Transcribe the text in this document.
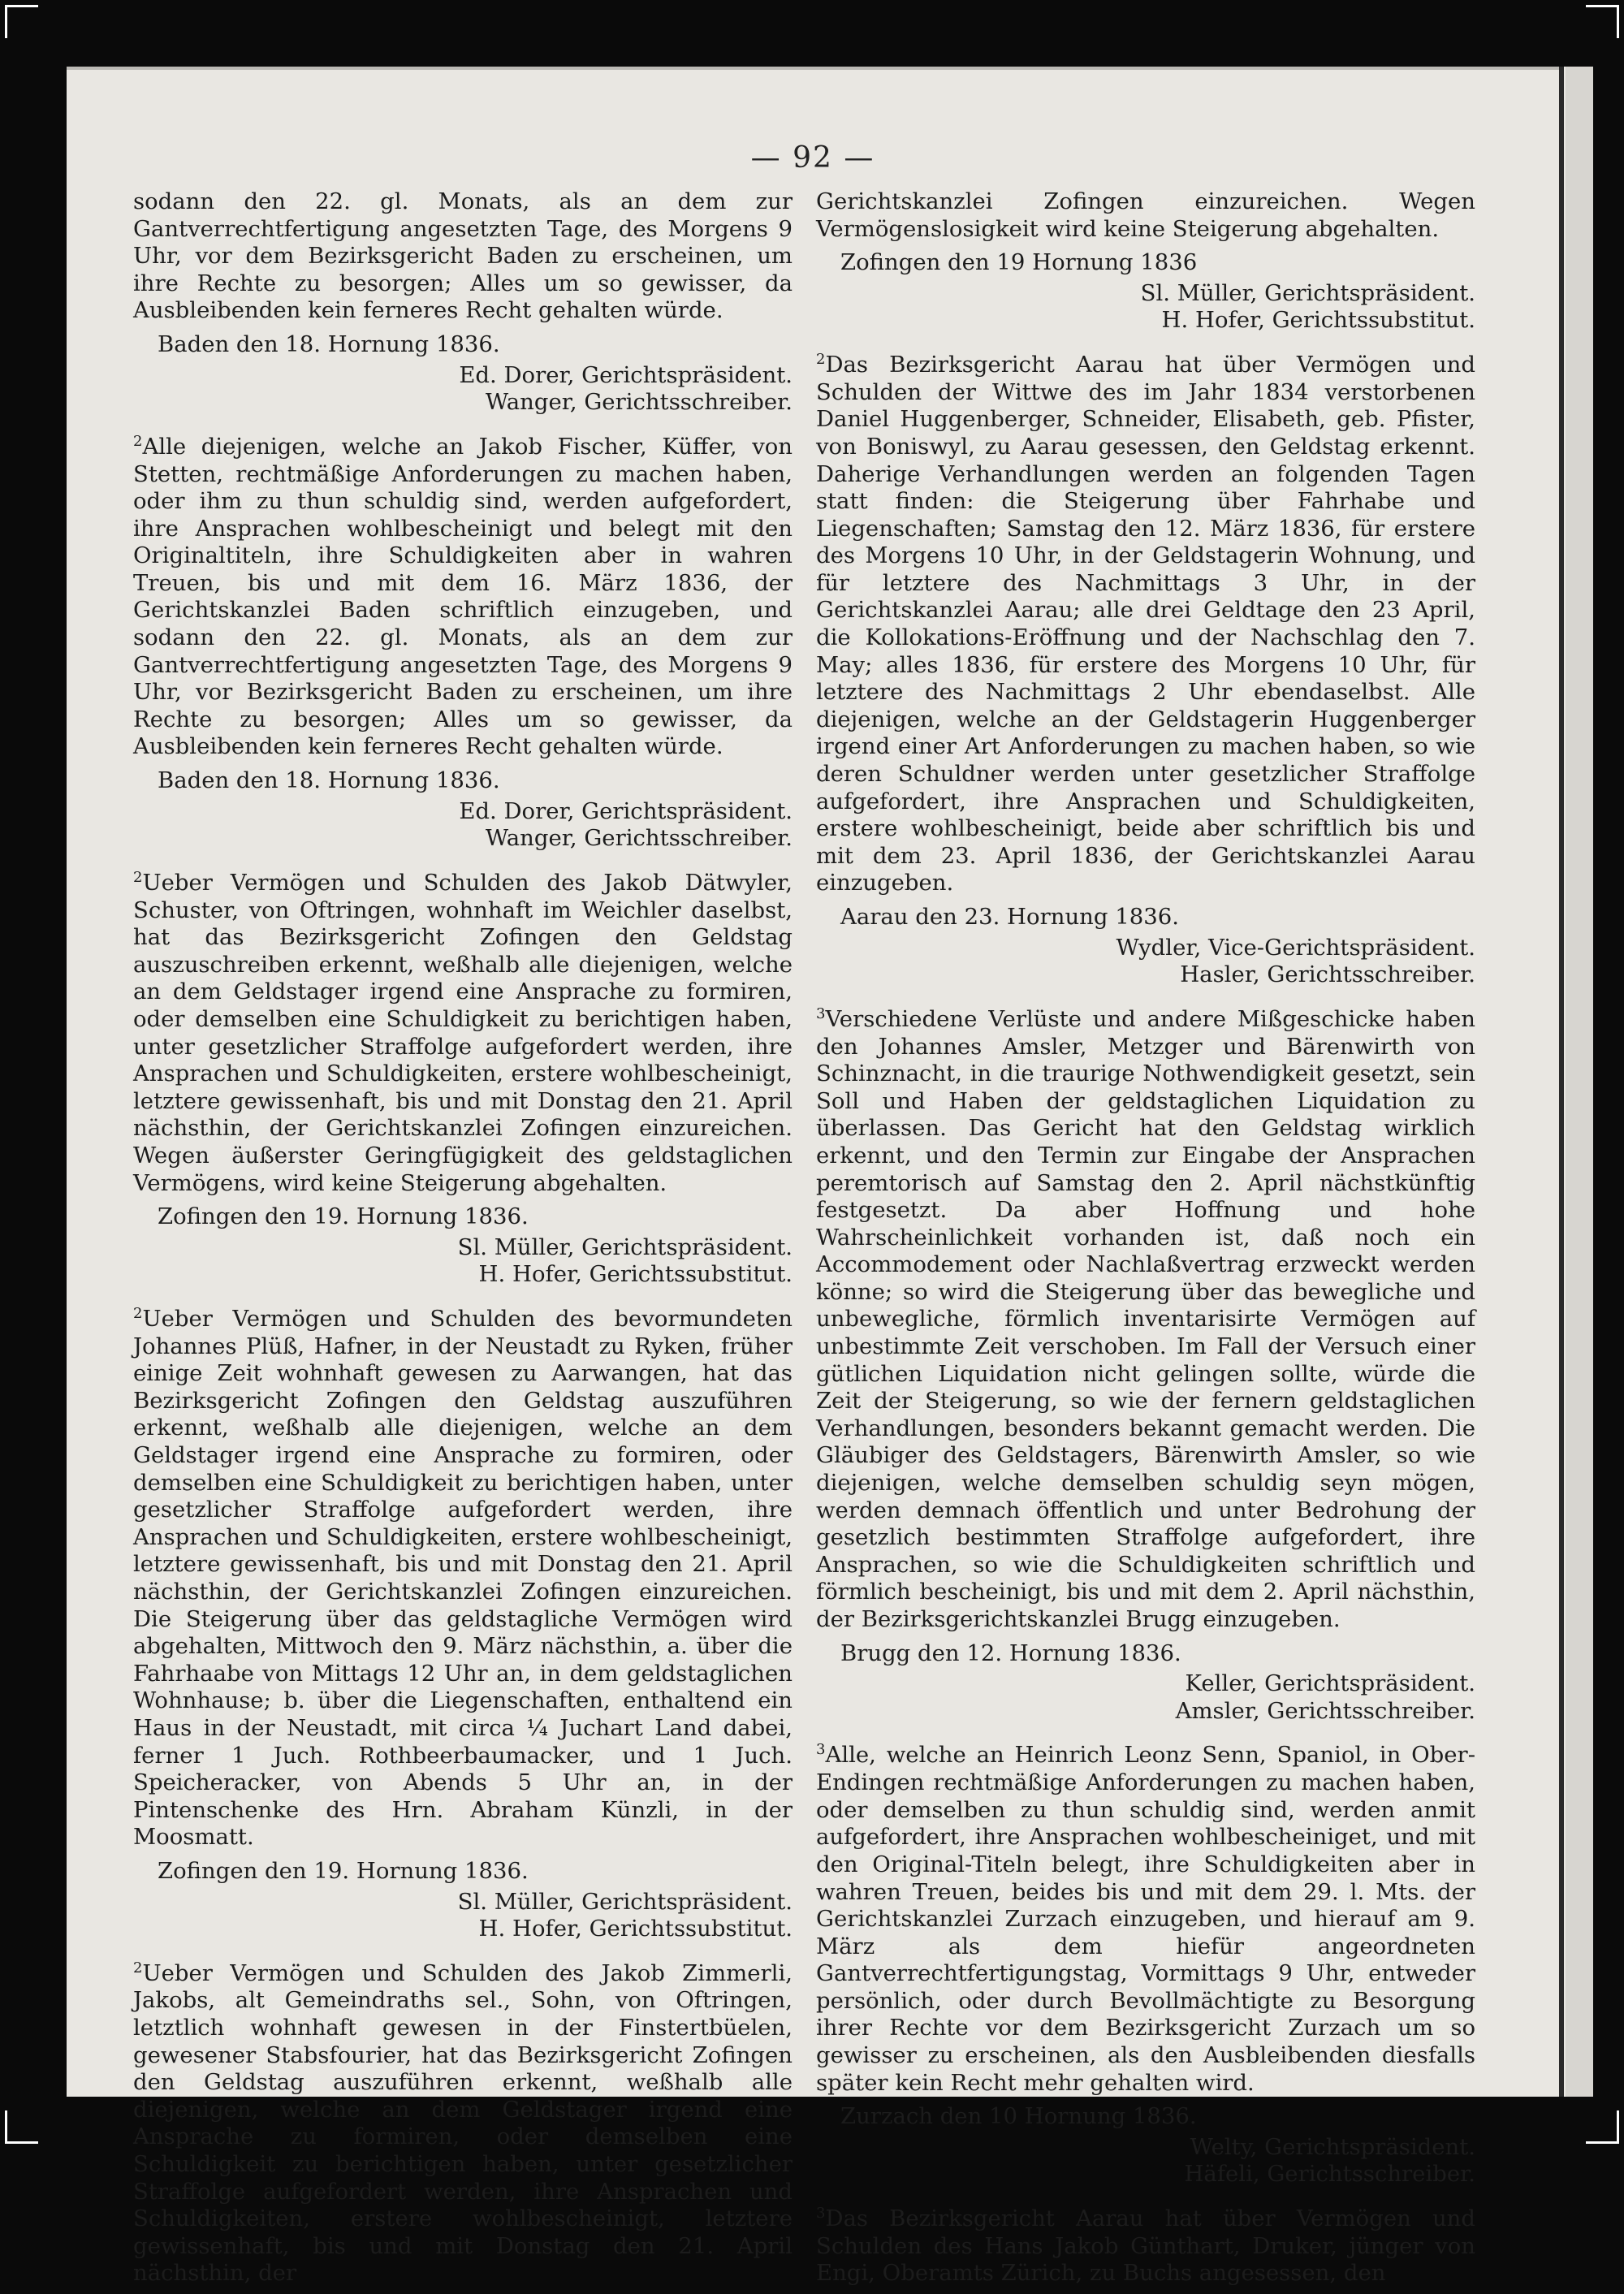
— 92 —
sodann den 22. gl. Monats, als an dem zur Gantverrechtfertigung angesetzten Tage, des Morgens 9 Uhr, vor dem Bezirksgericht Baden zu erscheinen, um ihre Rechte zu besorgen; Alles um so gewisser, da Ausbleibenden kein ferneres Recht gehalten würde.
Baden den 18. Hornung 1836.
Ed. Dorer, Gerichtspräsident.
Wanger, Gerichtsschreiber.
$^2$Alle diejenigen, welche an Jakob Fischer, Küffer, von Stetten, rechtmäßige Anforderungen zu machen haben, oder ihm zu thun schuldig sind, werden aufgefordert, ihre Ansprachen wohlbescheinigt und belegt mit den Originaltiteln, ihre Schuldigkeiten aber in wahren Treuen, bis und mit dem 16. März 1836, der Gerichtskanzlei Baden schriftlich einzugeben, und sodann den 22. gl. Monats, als an dem zur Gantverrechtfertigung angesetzten Tage, des Morgens 9 Uhr, vor Bezirksgericht Baden zu erscheinen, um ihre Rechte zu besorgen; Alles um so gewisser, da Ausbleibenden kein ferneres Recht gehalten würde.
Baden den 18. Hornung 1836.
Ed. Dorer, Gerichtspräsident.
Wanger, Gerichtsschreiber.
$^2$Ueber Vermögen und Schulden des Jakob Dätwyler, Schuster, von Oftringen, wohnhaft im Weichler daselbst, hat das Bezirksgericht Zofingen den Geldstag auszuschreiben erkennt, weßhalb alle diejenigen, welche an dem Geldstager irgend eine Ansprache zu formiren, oder demselben eine Schuldigkeit zu berichtigen haben, unter gesetzlicher Straffolge aufgefordert werden, ihre Ansprachen und Schuldigkeiten, erstere wohlbescheinigt, letztere gewissenhaft, bis und mit Donstag den 21. April nächsthin, der Gerichtskanzlei Zofingen einzureichen. Wegen äußerster Geringfügigkeit des geldstaglichen Vermögens, wird keine Steigerung abgehalten.
Zofingen den 19. Hornung 1836.
Sl. Müller, Gerichtspräsident.
H. Hofer, Gerichtssubstitut.
$^2$Ueber Vermögen und Schulden des bevormundeten Johannes Plüß, Hafner, in der Neustadt zu Ryken, früher einige Zeit wohnhaft gewesen zu Aarwangen, hat das Bezirksgericht Zofingen den Geldstag auszuführen erkennt, weßhalb alle diejenigen, welche an dem Geldstager irgend eine Ansprache zu formiren, oder demselben eine Schuldigkeit zu berichtigen haben, unter gesetzlicher Straffolge aufgefordert werden, ihre Ansprachen und Schuldigkeiten, erstere wohlbescheinigt, letztere gewissenhaft, bis und mit Donstag den 21. April nächsthin, der Gerichtskanzlei Zofingen einzureichen. Die Steigerung über das geldstagliche Vermögen wird abgehalten, Mittwoch den 9. März nächsthin, a. über die Fahrhaabe von Mittags 12 Uhr an, in dem geldstaglichen Wohnhause; b. über die Liegenschaften, enthaltend ein Haus in der Neustadt, mit circa ¼ Juchart Land dabei, ferner 1 Juch. Rothbeerbaumacker, und 1 Juch. Speicheracker, von Abends 5 Uhr an, in der Pintenschenke des Hrn. Abraham Künzli, in der Moosmatt.
Zofingen den 19. Hornung 1836.
Sl. Müller, Gerichtspräsident.
H. Hofer, Gerichtssubstitut.
$^2$Ueber Vermögen und Schulden des Jakob Zimmerli, Jakobs, alt Gemeindraths sel., Sohn, von Oftringen, letztlich wohnhaft gewesen in der Finstertbüelen, gewesener Stabsfourier, hat das Bezirksgericht Zofingen den Geldstag auszuführen erkennt, weßhalb alle diejenigen, welche an dem Geldstager irgend eine Ansprache zu formiren, oder demselben eine Schuldigkeit zu berichtigen haben, unter gesetzlicher Straffolge aufgefordert werden, ihre Ansprachen und Schuldigkeiten, erstere wohlbescheinigt, letztere gewissenhaft, bis und mit Donstag den 21. April nächsthin, der
Gerichtskanzlei Zofingen einzureichen. Wegen Vermögenslosigkeit wird keine Steigerung abgehalten.
Zofingen den 19 Hornung 1836
Sl. Müller, Gerichtspräsident.
H. Hofer, Gerichtssubstitut.
$^2$Das Bezirksgericht Aarau hat über Vermögen und Schulden der Wittwe des im Jahr 1834 verstorbenen Daniel Huggenberger, Schneider, Elisabeth, geb. Pfister, von Boniswyl, zu Aarau gesessen, den Geldstag erkennt. Daherige Verhandlungen werden an folgenden Tagen statt finden: die Steigerung über Fahrhabe und Liegenschaften; Samstag den 12. März 1836, für erstere des Morgens 10 Uhr, in der Geldstagerin Wohnung, und für letztere des Nachmittags 3 Uhr, in der Gerichtskanzlei Aarau; alle drei Geldtage den 23 April, die Kollokations-Eröffnung und der Nachschlag den 7. May; alles 1836, für erstere des Morgens 10 Uhr, für letztere des Nachmittags 2 Uhr ebendaselbst. Alle diejenigen, welche an der Geldstagerin Huggenberger irgend einer Art Anforderungen zu machen haben, so wie deren Schuldner werden unter gesetzlicher Straffolge aufgefordert, ihre Ansprachen und Schuldigkeiten, erstere wohlbescheinigt, beide aber schriftlich bis und mit dem 23. April 1836, der Gerichtskanzlei Aarau einzugeben.
Aarau den 23. Hornung 1836.
Wydler, Vice-Gerichtspräsident.
Hasler, Gerichtsschreiber.
$^3$Verschiedene Verlüste und andere Mißgeschicke haben den Johannes Amsler, Metzger und Bärenwirth von Schinznacht, in die traurige Nothwendigkeit gesetzt, sein Soll und Haben der geldstaglichen Liquidation zu überlassen. Das Gericht hat den Geldstag wirklich erkennt, und den Termin zur Eingabe der Ansprachen peremtorisch auf Samstag den 2. April nächstkünftig festgesetzt. Da aber Hoffnung und hohe Wahrscheinlichkeit vorhanden ist, daß noch ein Accommodement oder Nachlaßvertrag erzweckt werden könne; so wird die Steigerung über das bewegliche und unbewegliche, förmlich inventarisirte Vermögen auf unbestimmte Zeit verschoben. Im Fall der Versuch einer gütlichen Liquidation nicht gelingen sollte, würde die Zeit der Steigerung, so wie der fernern geldstaglichen Verhandlungen, besonders bekannt gemacht werden. Die Gläubiger des Geldstagers, Bärenwirth Amsler, so wie diejenigen, welche demselben schuldig seyn mögen, werden demnach öffentlich und unter Bedrohung der gesetzlich bestimmten Straffolge aufgefordert, ihre Ansprachen, so wie die Schuldigkeiten schriftlich und förmlich bescheinigt, bis und mit dem 2. April nächsthin, der Bezirksgerichtskanzlei Brugg einzugeben.
Brugg den 12. Hornung 1836.
Keller, Gerichtspräsident.
Amsler, Gerichtsschreiber.
$^3$Alle, welche an Heinrich Leonz Senn, Spaniol, in Ober-Endingen rechtmäßige Anforderungen zu machen haben, oder demselben zu thun schuldig sind, werden anmit aufgefordert, ihre Ansprachen wohlbescheiniget, und mit den Original-Titeln belegt, ihre Schuldigkeiten aber in wahren Treuen, beides bis und mit dem 29. l. Mts. der Gerichtskanzlei Zurzach einzugeben, und hierauf am 9. März als dem hiefür angeordneten Gantverrechtfertigungstag, Vormittags 9 Uhr, entweder persönlich, oder durch Bevollmächtigte zu Besorgung ihrer Rechte vor dem Bezirksgericht Zurzach um so gewisser zu erscheinen, als den Ausbleibenden diesfalls später kein Recht mehr gehalten wird.
Zurzach den 10 Hornung 1836.
Welty, Gerichtspräsident.
Häfeli, Gerichtsschreiber.
$^3$Das Bezirksgericht Aarau hat über Vermögen und Schulden des Hans Jakob Günthart, Druker, jünger von Engi, Oberamts Zürich, zu Buchs angesessen, den
